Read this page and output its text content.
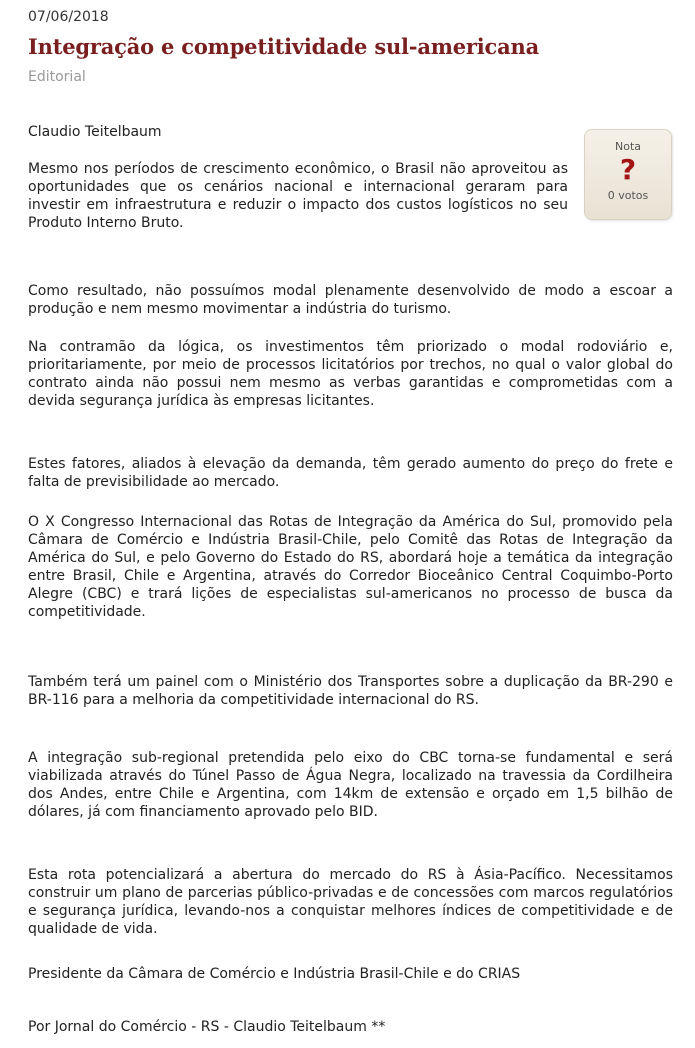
07/06/2018
Integração e competitividade sul-americana
Editorial
Claudio Teitelbaum
Nota
?
0 votos

Mesmo nos períodos de crescimento econômico, o Brasil não aproveitou as oportunidades que os cenários nacional e internacional geraram para investir em infraestrutura e reduzir o impacto dos custos logísticos no seu Produto Interno Bruto.

Como resultado, não possuímos modal plenamente desenvolvido de modo a escoar a produção e nem mesmo movimentar a indústria do turismo.

Na contramão da lógica, os investimentos têm priorizado o modal rodoviário e, prioritariamente, por meio de processos licitatórios por trechos, no qual o valor global do contrato ainda não possui nem mesmo as verbas garantidas e comprometidas com a devida segurança jurídica às empresas licitantes.

Estes fatores, aliados à elevação da demanda, têm gerado aumento do preço do frete e falta de previsibilidade ao mercado.

O X Congresso Internacional das Rotas de Integração da América do Sul, promovido pela Câmara de Comércio e Indústria Brasil-Chile, pelo Comitê das Rotas de Integração da América do Sul, e pelo Governo do Estado do RS, abordará hoje a temática da integração entre Brasil, Chile e Argentina, através do Corredor Bioceânico Central Coquimbo-Porto Alegre (CBC) e trará lições de especialistas sul-americanos no processo de busca da competitividade.

Também terá um painel com o Ministério dos Transportes sobre a duplicação da BR-290 e BR-116 para a melhoria da competitividade internacional do RS.

A integração sub-regional pretendida pelo eixo do CBC torna-se fundamental e será viabilizada através do Túnel Passo de Água Negra, localizado na travessia da Cordilheira dos Andes, entre Chile e Argentina, com 14km de extensão e orçado em 1,5 bilhão de dólares, já com financiamento aprovado pelo BID.

Esta rota potencializará a abertura do mercado do RS à Ásia-Pacífico. Necessitamos construir um plano de parcerias público-privadas e de concessões com marcos regulatórios e segurança jurídica, levando-nos a conquistar melhores índices de competitividade e de qualidade de vida.

Presidente da Câmara de Comércio e Indústria Brasil-Chile e do CRIAS

Por Jornal do Comércio - RS - Claudio Teitelbaum **
